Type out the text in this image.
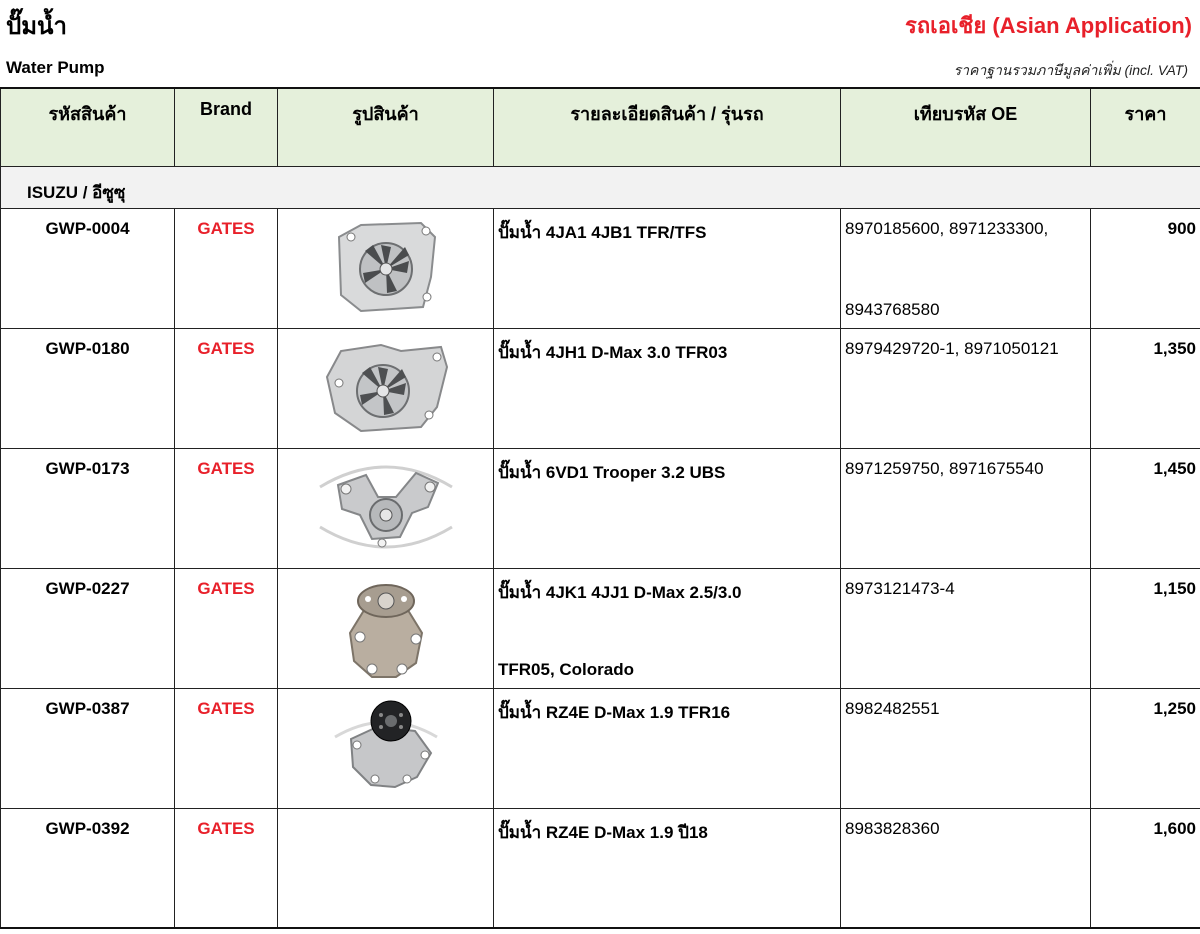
ปั๊มน้ำ	รถเอเชีย (Asian Application)
Water Pump	ราคาฐานรวมภาษีมูลค่าเพิ่ม (incl. VAT)
รหัสสินค้า	Brand	รูปสินค้า	รายละเอียดสินค้า / รุ่นรถ	เทียบรหัส OE	ราคา
ISUZU / อีซูซุ					
GWP-0004	GATES		ปั๊มน้ำ 4JA1 4JB1 TFR/TFS	8970185600, 8971233300,
8943768580	900
GWP-0180	GATES		ปั๊มน้ำ 4JH1 D-Max 3.0 TFR03	8979429720-1, 8971050121	1,350
GWP-0173	GATES		ปั๊มน้ำ 6VD1 Trooper 3.2 UBS	8971259750, 8971675540	1,450
GWP-0227	GATES		ปั๊มน้ำ 4JK1 4JJ1 D-Max 2.5/3.0
TFR05, Colorado	8973121473-4	1,150
GWP-0387	GATES		ปั๊มน้ำ RZ4E D-Max 1.9 TFR16	8982482551	1,250
GWP-0392	GATES		ปั๊มน้ำ RZ4E D-Max 1.9 ปี18	8983828360	1,600
